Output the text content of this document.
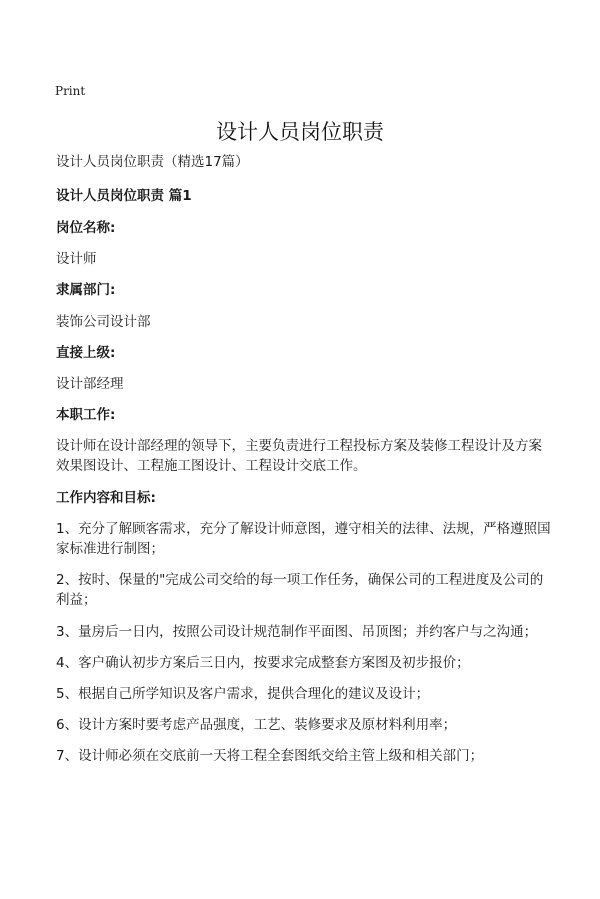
Print
设计人员岗位职责

设计人员岗位职责（精选17篇）

设计人员岗位职责 篇1

岗位名称:

设计师

隶属部门:

装饰公司设计部

直接上级:

设计部经理

本职工作:

设计师在设计部经理的领导下，主要负责进行工程投标方案及装修工程设计及方案效果图设计、工程施工图设计、工程设计交底工作。

工作内容和目标:

1、充分了解顾客需求，充分了解设计师意图，遵守相关的法律、法规，严格遵照国家标准进行制图；

2、按时、保量的"完成公司交给的每一项工作任务，确保公司的工程进度及公司的利益；

3、量房后一日内，按照公司设计规范制作平面图、吊顶图；并约客户与之沟通；

4、客户确认初步方案后三日内，按要求完成整套方案图及初步报价；

5、根据自己所学知识及客户需求，提供合理化的建议及设计；

6、设计方案时要考虑产品强度，工艺、装修要求及原材料利用率；

7、设计师必须在交底前一天将工程全套图纸交给主管上级和相关部门；
